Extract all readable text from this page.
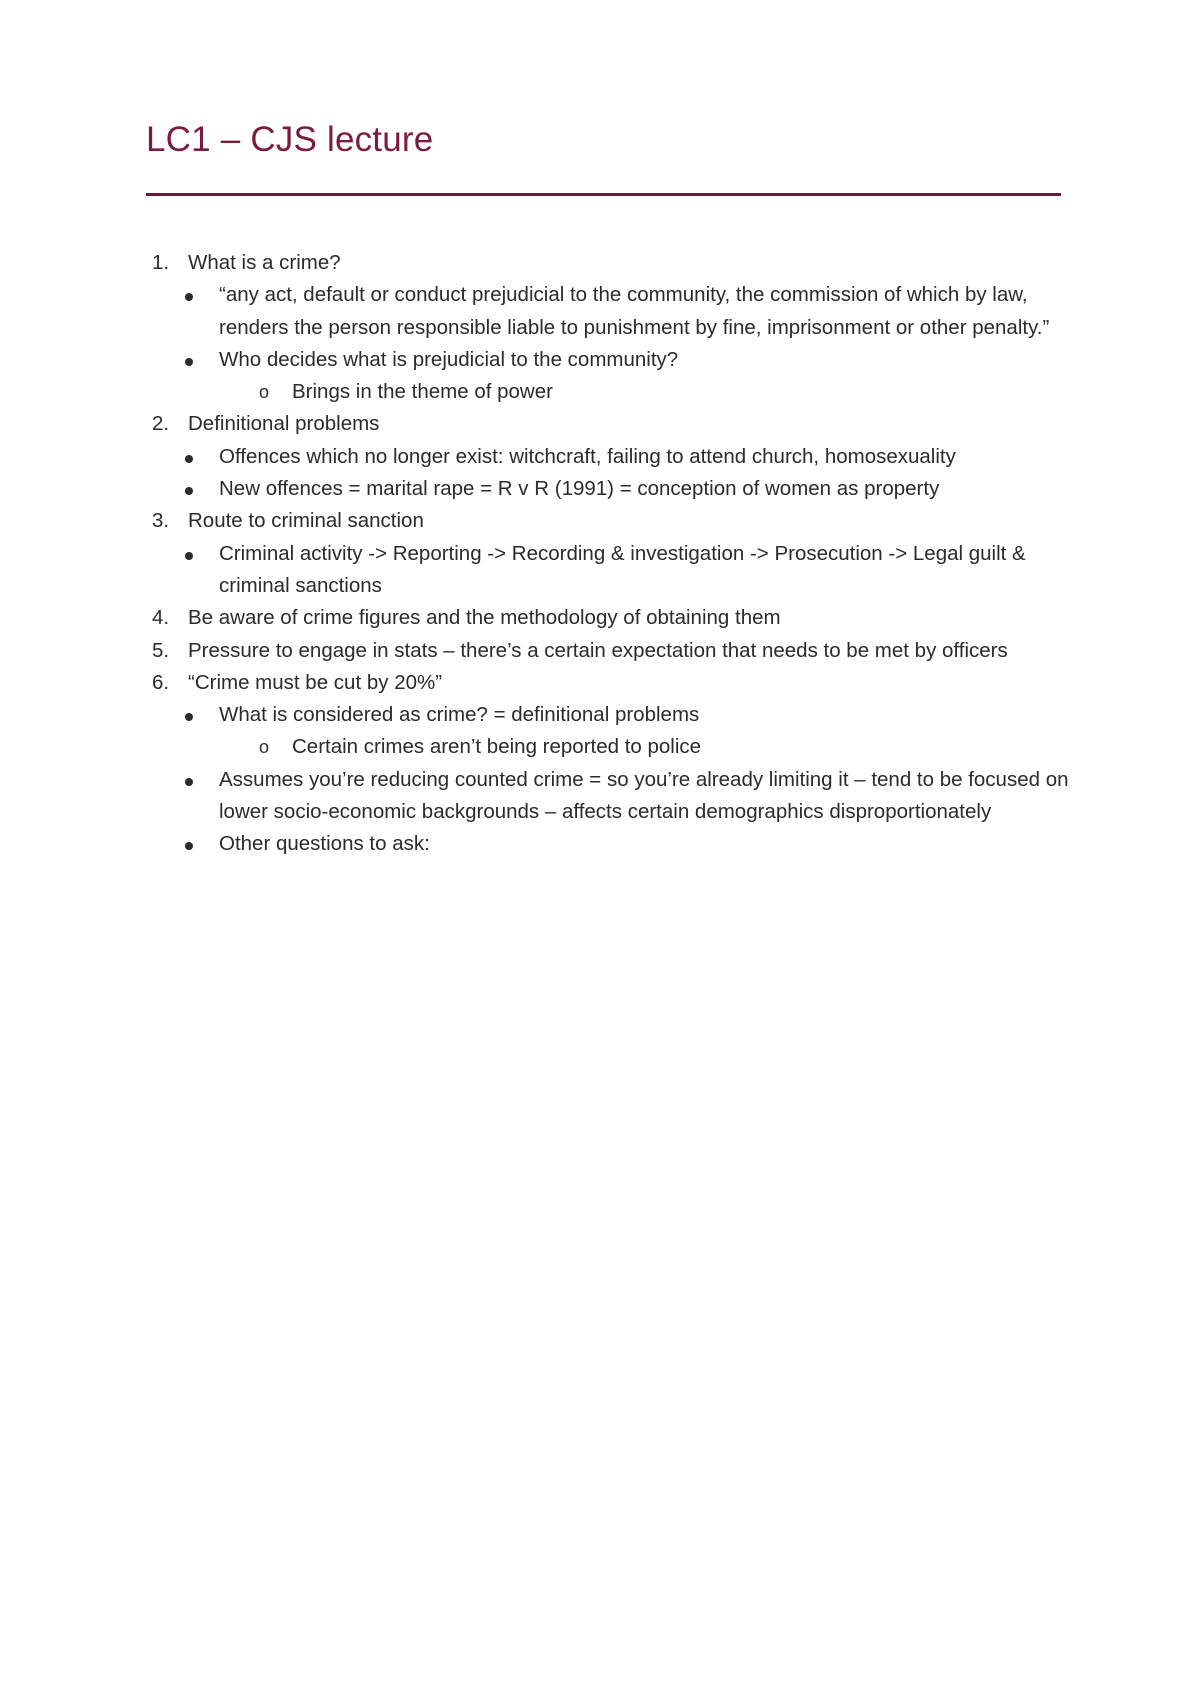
LC1 – CJS lecture
1. What is a crime?
“any act, default or conduct prejudicial to the community, the commission of which by law, renders the person responsible liable to punishment by fine, imprisonment or other penalty.”
Who decides what is prejudicial to the community?
o Brings in the theme of power
2. Definitional problems
Offences which no longer exist: witchcraft, failing to attend church, homosexuality
New offences = marital rape = R v R (1991) = conception of women as property
3. Route to criminal sanction
Criminal activity -> Reporting -> Recording & investigation -> Prosecution -> Legal guilt & criminal sanctions
4. Be aware of crime figures and the methodology of obtaining them
5. Pressure to engage in stats – there’s a certain expectation that needs to be met by officers
6. “Crime must be cut by 20%”
What is considered as crime? = definitional problems
o Certain crimes aren’t being reported to police
Assumes you’re reducing counted crime = so you’re already limiting it – tend to be focused on lower socio-economic backgrounds – affects certain demographics disproportionately
Other questions to ask:
